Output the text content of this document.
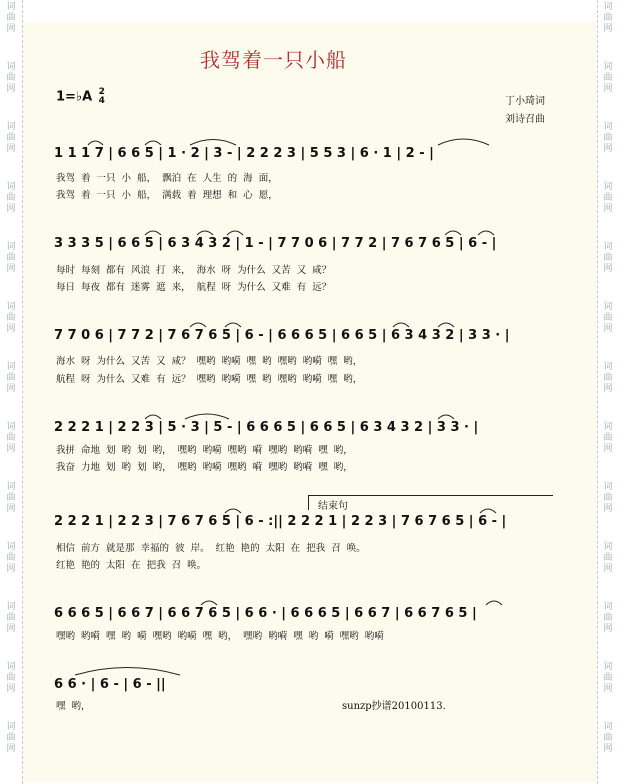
词
曲
网
词
曲
网
词
曲
网
词
曲
网
词
曲
网
词
曲
网
词
曲
网
词
曲
网
词
曲
网
词
曲
网
词
曲
网
词
曲
网
词
曲
网
词
曲
网
词
曲
网
词
曲
网
词
曲
网
词
曲
网
词
曲
网
词
曲
网
词
曲
网
词
曲
网
词
曲
网
词
曲
网
词
曲
网
词
曲
网
我驾着一只小船
1=♭A 2
4	丁小琦词
刘诗召曲
1 1 1 7 | 6 6 5 | 1 · 2 | 3 - | 2 2 2 3 | 5 5 3 | 6 · 1 | 2 - |
我驾 着 一只 小 船， 飘泊 在 人生 的 海 面，
我驾 着 一只 小 船， 满载 着 理想 和 心 愿，
3 3 3 5 | 6 6 5 | 6 3 4 3 2 | 1 - | 7 7 0 6 | 7 7 2 | 7 6 7 6 5 | 6 - |
每时 每刻 都有 风浪 打 来， 海水 呀 为什么 又苦 又 咸？
每日 每夜 都有 迷雾 遮 来， 航程 呀 为什么 又难 有 远？
7 7 0 6 | 7 7 2 | 7 6 7 6 5 | 6 - | 6 6 6 5 | 6 6 5 | 6 3 4 3 2 | 3 3 · |
海水 呀 为什么 又苦 又 咸？ 嘿哟 哟嗬 嘿 哟 嘿哟 哟嗬 嘿 哟，
航程 呀 为什么 又难 有 远？ 嘿哟 哟嗬 嘿 哟 嘿哟 哟嗬 嘿 哟，
2 2 2 1 | 2 2 3 | 5 · 3 | 5 - | 6 6 6 5 | 6 6 5 | 6 3 4 3 2 | 3 3 · |
我拼 命地 划 哟 划 哟， 嘿哟 哟嗬 嘿哟 嗬 嘿哟 哟嗬 嘿 哟，
我奋 力地 划 哟 划 哟， 嘿哟 哟嗬 嘿哟 嗬 嘿哟 哟嗬 嘿 哟，
结束句
2 2 2 1 | 2 2 3 | 7 6 7 6 5 | 6 - :|| 2 2 2 1 | 2 2 3 | 7 6 7 6 5 | 6 - |
相信 前方 就是那 幸福的 彼 岸。 红艳 艳的 太阳 在 把我 召 唤。
红艳 艳的 太阳 在 把我 召 唤。
6 6 6 5 | 6 6 7 | 6 6 7 6 5 | 6 6 · | 6 6 6 5 | 6 6 7 | 6 6 7 6 5 |
嘿哟 哟嗬 嘿 哟 嗬 嘿哟 哟嗬 嘿 哟， 嘿哟 哟嗬 嘿 哟 嗬 嘿哟 哟嗬
6 6 · | 6 - | 6 - ||
嘿 哟，	sunzp抄谱20100113.
